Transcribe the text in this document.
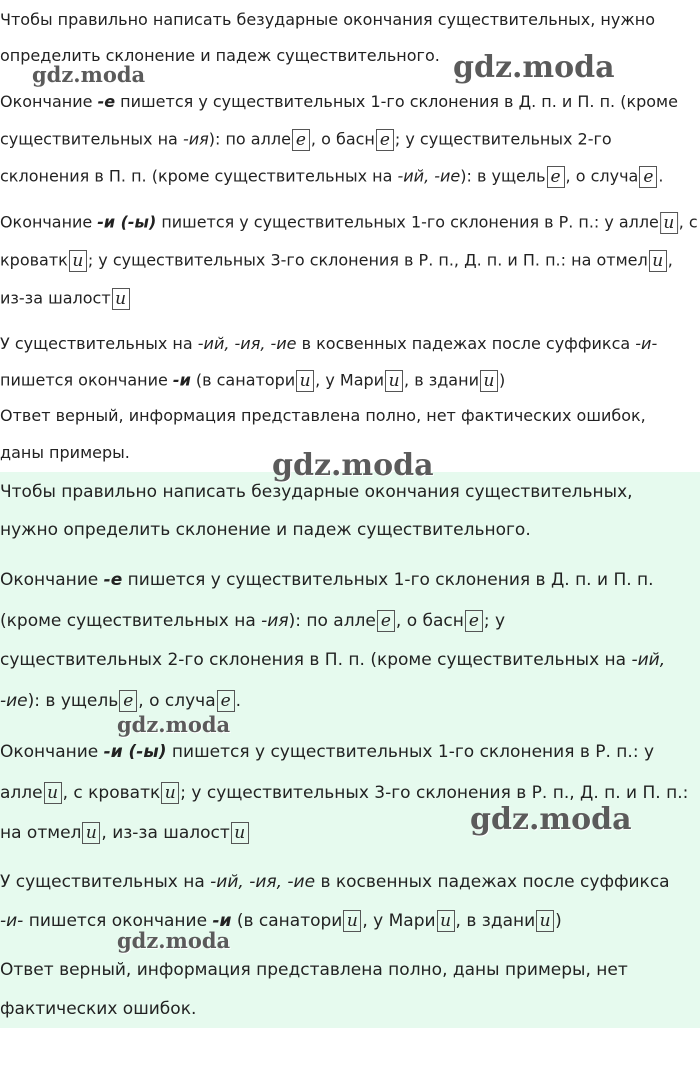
Чтобы правильно написать безударные окончания существительных, нужно
определить склонение и падеж существительного.
Окончание -е пишется у существительных 1-го склонения в Д. п. и П. п. (кроме
существительных на -ия): по алле е , о басн е ; у существительных 2-го
склонения в П. п. (кроме существительных на -ий, -ие): в ущель е , о случа е .
Окончание -и (-ы) пишется у существительных 1-го склонения в Р. п.: у алле и , с
кроватк и ; у существительных 3-го склонения в Р. п., Д. п. и П. п.: на отмел и ,
из-за шалост и
У существительных на -ий, -ия, -ие в косвенных падежах после суффикса -и-
пишется окончание -и (в санатори и , у Мари и , в здани и )
Ответ верный, информация представлена полно, нет фактических ошибок,
даны примеры.
gdz.moda	gdz.moda
Чтобы правильно написать безударные окончания существительных,
нужно определить склонение и падеж существительного.
Окончание -е пишется у существительных 1-го склонения в Д. п. и П. п.
(кроме существительных на -ия): по алле е , о басн е ; у
существительных 2-го склонения в П. п. (кроме существительных на -ий,
-ие): в ущель е , о случа е .
Окончание -и (-ы) пишется у существительных 1-го склонения в Р. п.: у
алле и , с кроватк и ; у существительных 3-го склонения в Р. п., Д. п. и П. п.:
на отмел и , из-за шалост и
У существительных на -ий, -ия, -ие в косвенных падежах после суффикса
-и- пишется окончание -и (в санатори и , у Мари и , в здани и )
Ответ верный, информация представлена полно, даны примеры, нет
фактических ошибок.
gdz.moda
gdz.moda
gdz.moda
gdz.moda
